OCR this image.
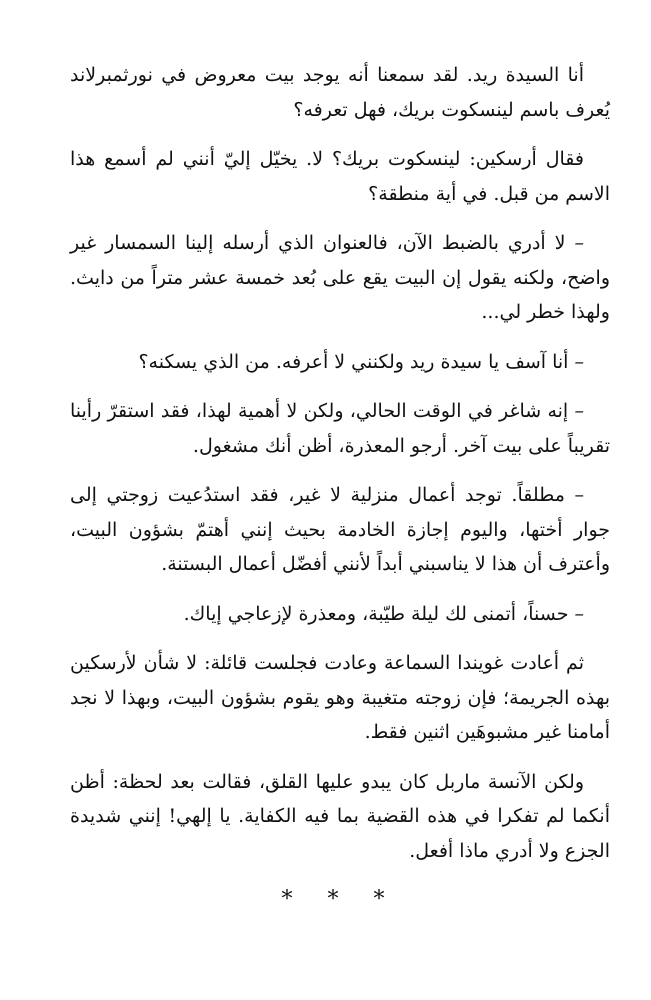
أنا السيدة ريد. لقد سمعنا أنه يوجد بيت معروض في نورثمبرلاند يُعرف باسم لينسكوت بريك، فهل تعرفه؟

فقال أرسكين: لينسكوت بريك؟ لا. يخيّل إليّ أنني لم أسمع هذا الاسم من قبل. في أية منطقة؟

– لا أدري بالضبط الآن، فالعنوان الذي أرسله إلينا السمسار غير واضح، ولكنه يقول إن البيت يقع على بُعد خمسة عشر متراً من دايث. ولهذا خطر لي...

– أنا آسف يا سيدة ريد ولكنني لا أعرفه. من الذي يسكنه؟

– إنه شاغر في الوقت الحالي، ولكن لا أهمية لهذا، فقد استقرّ رأينا تقريباً على بيت آخر. أرجو المعذرة، أظن أنك مشغول.

– مطلقاً. توجد أعمال منزلية لا غير، فقد استدُعيت زوجتي إلى جوار أختها، واليوم إجازة الخادمة بحيث إنني أهتمّ بشؤون البيت، وأعترف أن هذا لا يناسبني أبداً لأنني أفضّل أعمال البستنة.

– حسناً، أتمنى لك ليلة طيّبة، ومعذرة لإزعاجي إياك.

ثم أعادت غويندا السماعة وعادت فجلست قائلة: لا شأن لأرسكين بهذه الجريمة؛ فإن زوجته متغيبة وهو يقوم بشؤون البيت، وبهذا لا نجد أمامنا غير مشبوهَين اثنين فقط.

ولكن الآنسة ماربل كان يبدو عليها القلق، فقالت بعد لحظة: أظن أنكما لم تفكرا في هذه القضية بما فيه الكفاية. يا إلهي! إنني شديدة الجزع ولا أدري ماذا أفعل.

* * *
